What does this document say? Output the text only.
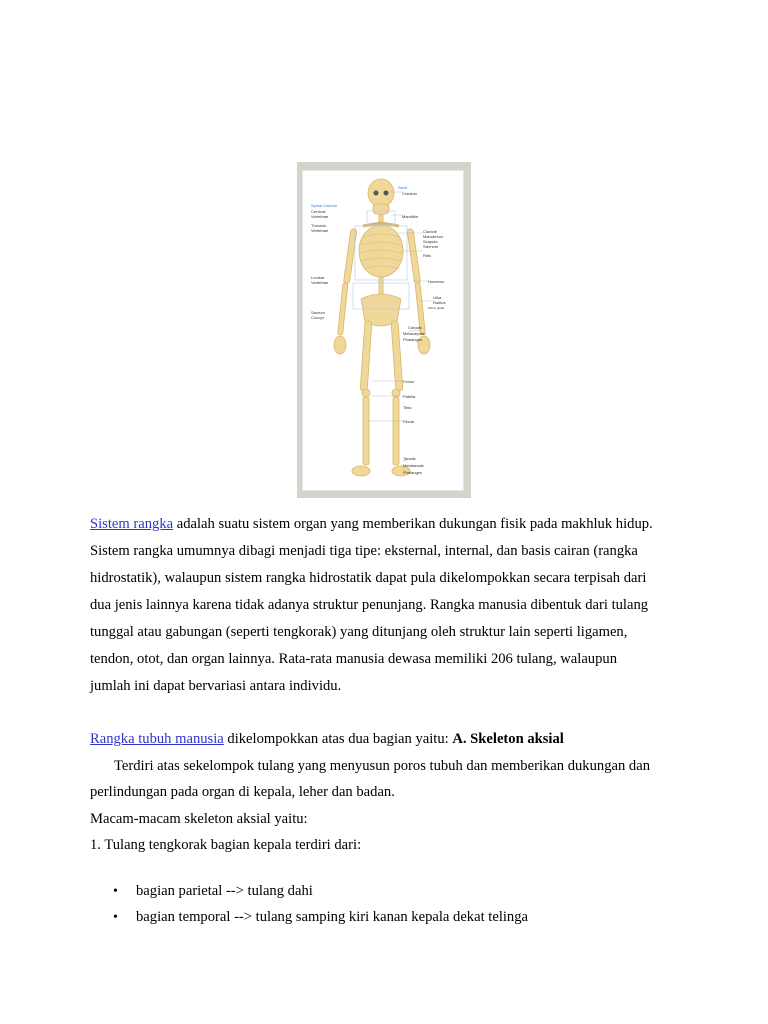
Skull
Cranium
Spinal Column
Cervical
Vertebrae	Mandible
Thoracic
Vertebrae	Clavicle
Manubrium
Scapula
Sternum
Ribs
Humerus
Lumbar
Vertebrae
Ulna
Radius
Pelvic girdle
Sacrum
Coccyx
Carpals
Metacarpals
Phalanges
Femur
Patella
Tibia
Fibula
Tarsals
Metatarsals
Phalanges
Sistem rangka adalah suatu sistem organ yang memberikan dukungan fisik pada makhluk hidup.
Sistem rangka umumnya dibagi menjadi tiga tipe: eksternal, internal, dan basis cairan (rangka
hidrostatik), walaupun sistem rangka hidrostatik dapat pula dikelompokkan secara terpisah dari
dua jenis lainnya karena tidak adanya struktur penunjang. Rangka manusia dibentuk dari tulang
tunggal atau gabungan (seperti tengkorak) yang ditunjang oleh struktur lain seperti ligamen,
tendon, otot, dan organ lainnya. Rata-rata manusia dewasa memiliki 206 tulang, walaupun
jumlah ini dapat bervariasi antara individu.
Rangka tubuh manusia dikelompokkan atas dua bagian yaitu: A. Skeleton aksial
Terdiri atas sekelompok tulang yang menyusun poros tubuh dan memberikan dukungan dan
perlindungan pada organ di kepala, leher dan badan.
Macam-macam skeleton aksial yaitu:
1. Tulang tengkorak bagian kepala terdiri dari:
• bagian parietal --> tulang dahi
• bagian temporal --> tulang samping kiri kanan kepala dekat telinga
